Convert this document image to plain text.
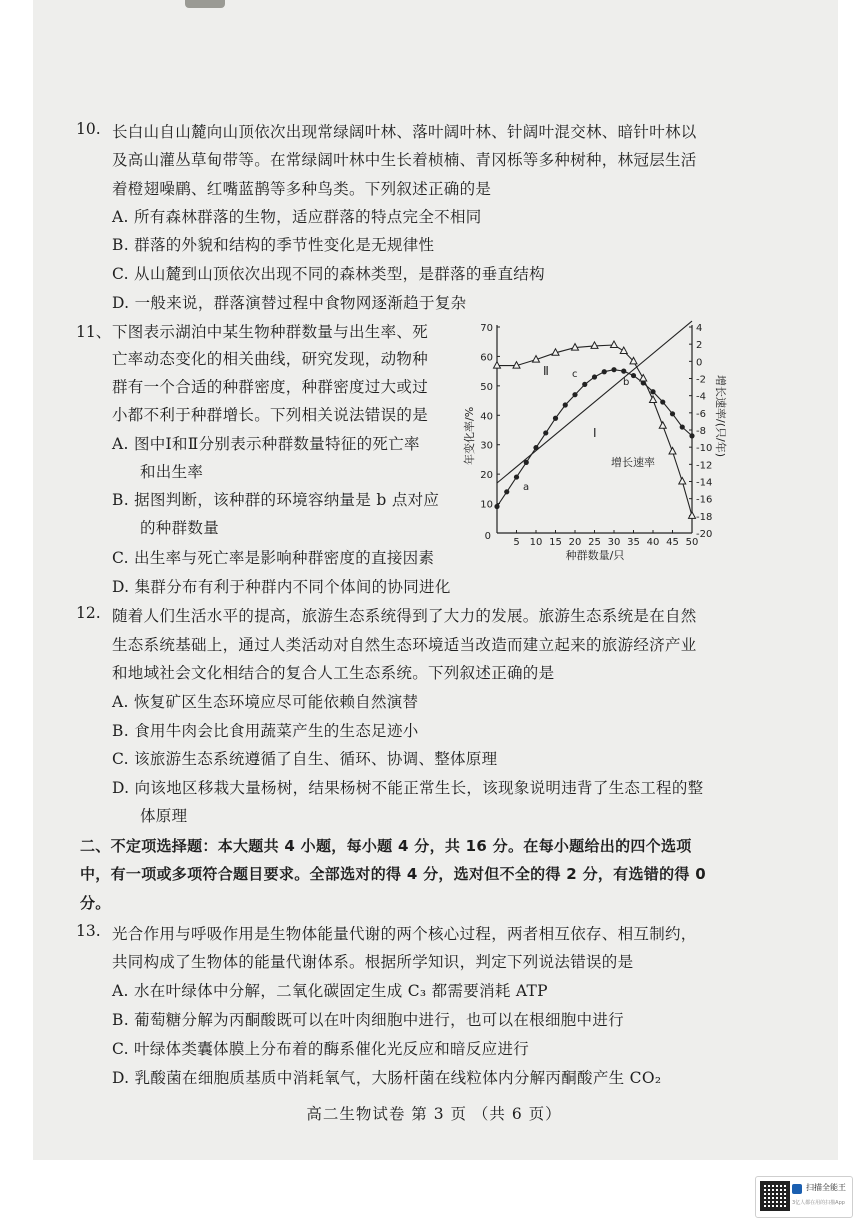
10. 长白山自山麓向山顶依次出现常绿阔叶林、落叶阔叶林、针阔叶混交林、暗针叶林以
及高山灌丛草甸带等。在常绿阔叶林中生长着桢楠、青冈栎等多种树种，林冠层生活
着橙翅噪鹛、红嘴蓝鹊等多种鸟类。下列叙述正确的是
A. 所有森林群落的生物，适应群落的特点完全不相同
B. 群落的外貌和结构的季节性变化是无规律性
C. 从山麓到山顶依次出现不同的森林类型，是群落的垂直结构
D. 一般来说，群落演替过程中食物网逐渐趋于复杂
11、 下图表示湖泊中某生物种群数量与出生率、死
亡率动态变化的相关曲线，研究发现，动物种
群有一个合适的种群密度，种群密度过大或过
小都不利于种群增长。下列相关说法错误的是
A. 图中Ⅰ和Ⅱ分别表示种群数量特征的死亡率
和出生率
B. 据图判断，该种群的环境容纳量是 b 点对应
的种群数量
C. 出生率与死亡率是影响种群密度的直接因素
D. 集群分布有利于种群内不同个体间的协同进化
12. 随着人们生活水平的提高，旅游生态系统得到了大力的发展。旅游生态系统是在自然
生态系统基础上，通过人类活动对自然生态环境适当改造而建立起来的旅游经济产业
和地域社会文化相结合的复合人工生态系统。下列叙述正确的是
A. 恢复矿区生态环境应尽可能依赖自然演替
B. 食用牛肉会比食用蔬菜产生的生态足迹小
C. 该旅游生态系统遵循了自生、循环、协调、整体原理
D. 向该地区移栽大量杨树，结果杨树不能正常生长，该现象说明违背了生态工程的整
体原理
二、不定项选择题：本大题共 4 小题，每小题 4 分，共 16 分。在每小题给出的四个选项
中，有一项或多项符合题目要求。全部选对的得 4 分，选对但不全的得 2 分，有选错的得 0
分。
13. 光合作用与呼吸作用是生物体能量代谢的两个核心过程，两者相互依存、相互制约，
共同构成了生物体的能量代谢体系。根据所学知识，判定下列说法错误的是
A. 水在叶绿体中分解，二氧化碳固定生成 C₃ 都需要消耗 ATP
B. 葡萄糖分解为丙酮酸既可以在叶肉细胞中进行，也可以在根细胞中进行
C. 叶绿体类囊体膜上分布着的酶系催化光反应和暗反应进行
D. 乳酸菌在细胞质基质中消耗氧气，大肠杆菌在线粒体内分解丙酮酸产生 CO₂
5 10 15 20 25 30 35 40 45 50
10
20
30
40
50
60
70	4
2
0
-2
-4
-6
-8
-10
-12
-14
-16
-18
-20
种群数量/只
0
年变化率/%	增长速率/(只/年)
Ⅱ
Ⅰ
增长速率
a
b
c
高二生物试卷 第 3 页 （共 6 页）
扫描全能王
3亿人都在用的扫描App
